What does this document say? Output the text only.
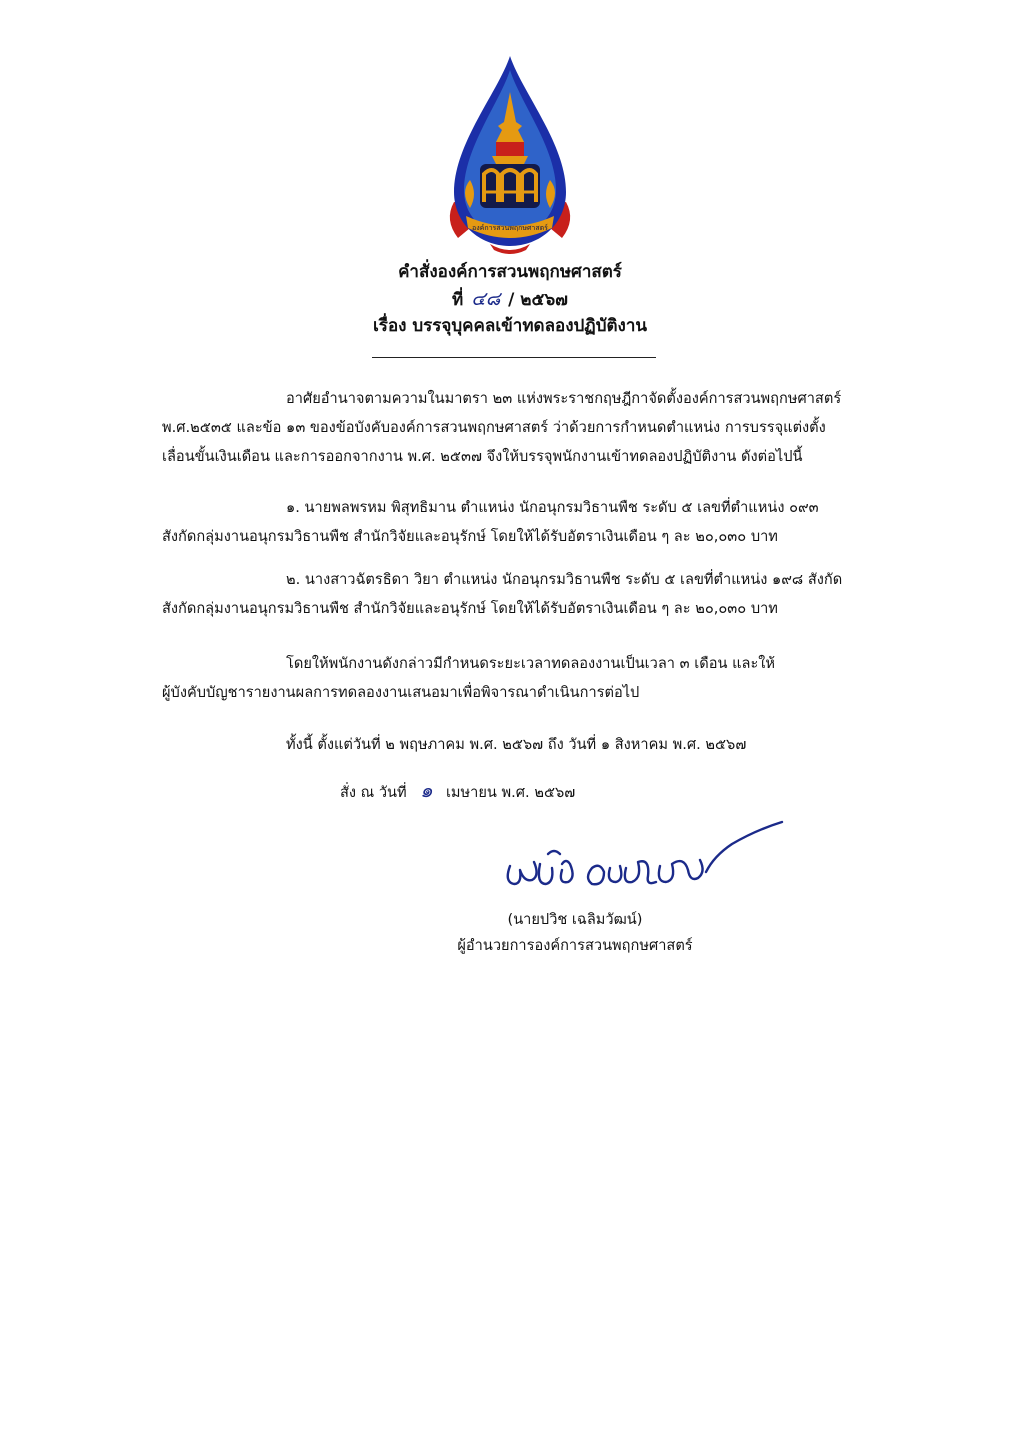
องค์การสวนพฤกษศาสตร์
คำสั่งองค์การสวนพฤกษศาสตร์
ที่ ๔๘ / ๒๕๖๗
เรื่อง บรรจุบุคคลเข้าทดลองปฏิบัติงาน
อาศัยอำนาจตามความในมาตรา ๒๓ แห่งพระราชกฤษฎีกาจัดตั้งองค์การสวนพฤกษศาสตร์
พ.ศ.๒๕๓๕ และข้อ ๑๓ ของข้อบังคับองค์การสวนพฤกษศาสตร์ ว่าด้วยการกำหนดตำแหน่ง การบรรจุแต่งตั้ง
เลื่อนขั้นเงินเดือน และการออกจากงาน พ.ศ. ๒๕๓๗ จึงให้บรรจุพนักงานเข้าทดลองปฏิบัติงาน ดังต่อไปนี้
๑. นายพลพรหม พิสุทธิมาน ตำแหน่ง นักอนุกรมวิธานพืช ระดับ ๕ เลขที่ตำแหน่ง ๐๙๓
สังกัดกลุ่มงานอนุกรมวิธานพืช สำนักวิจัยและอนุรักษ์ โดยให้ได้รับอัตราเงินเดือน ๆ ละ ๒๐,๐๓๐ บาท
๒. นางสาวฉัตรธิดา วิยา ตำแหน่ง นักอนุกรมวิธานพืช ระดับ ๕ เลขที่ตำแหน่ง ๑๙๘ สังกัด
สังกัดกลุ่มงานอนุกรมวิธานพืช สำนักวิจัยและอนุรักษ์ โดยให้ได้รับอัตราเงินเดือน ๆ ละ ๒๐,๐๓๐ บาท
โดยให้พนักงานดังกล่าวมีกำหนดระยะเวลาทดลองงานเป็นเวลา ๓ เดือน และให้
ผู้บังคับบัญชารายงานผลการทดลองงานเสนอมาเพื่อพิจารณาดำเนินการต่อไป
ทั้งนี้ ตั้งแต่วันที่ ๒ พฤษภาคม พ.ศ. ๒๕๖๗ ถึง วันที่ ๑ สิงหาคม พ.ศ. ๒๕๖๗
สั่ง ณ วันที่ ๑ เมษายน พ.ศ. ๒๕๖๗
(นายปวิช เฉลิมวัฒน์)
ผู้อำนวยการองค์การสวนพฤกษศาสตร์
